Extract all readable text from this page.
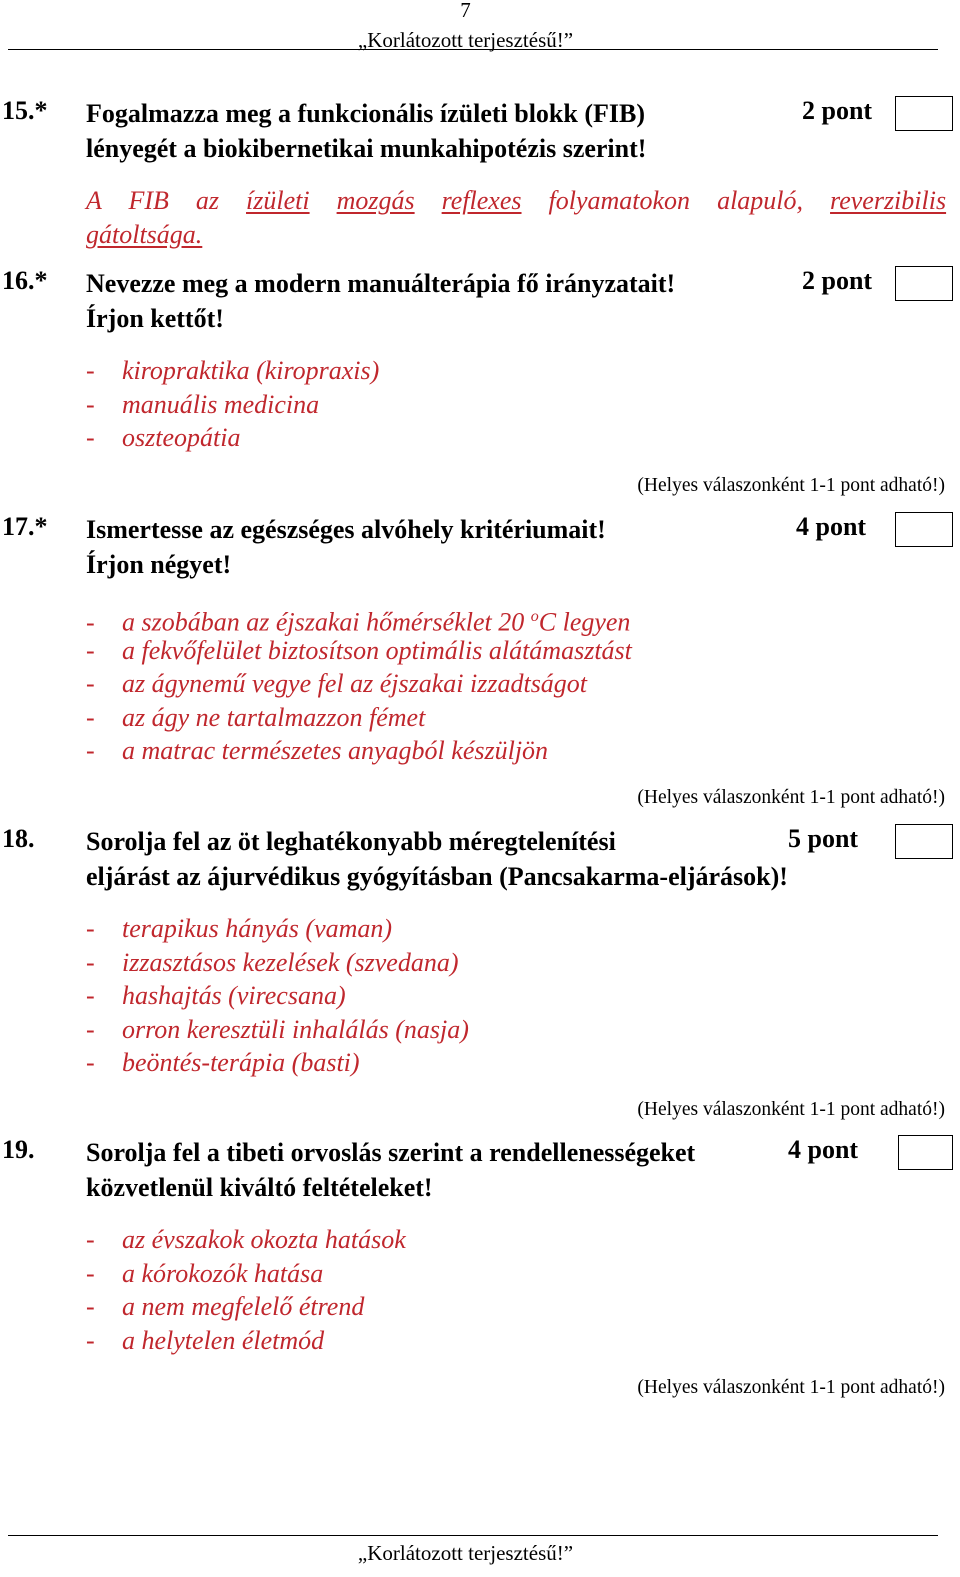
7
„Korlátozott terjesztésű!”
15.* Fogalmazza meg a funkcionális ízületi blokk (FIB)
lényegét a biokibernetikai munkahipotézis szerint!
2 pont
A FIB az ízületi mozgás reflexes folyamatokon alapuló, reverzibilis
gátoltsága.
16.* Nevezze meg a modern manuálterápia fő irányzatait!
Írjon kettőt!
2 pont
- kiropraktika (kiropraxis)
- manuális medicina
- oszteopátia
(Helyes válaszonként 1-1 pont adható!)
17.* Ismertesse az egészséges alvóhely kritériumait!
Írjon négyet!
4 pont
- a szobában az éjszakai hőmérséklet 20 $^o$C legyen
- a fekvőfelület biztosítson optimális alátámasztást
- az ágynemű vegye fel az éjszakai izzadtságot
- az ágy ne tartalmazzon fémet
- a matrac természetes anyagból készüljön
(Helyes válaszonként 1-1 pont adható!)
18. Sorolja fel az öt leghatékonyabb méregtelenítési
eljárást az ájurvédikus gyógyításban (Pancsakarma-eljárások)!
5 pont
- terapikus hányás (vaman)
- izzasztásos kezelések (szvedana)
- hashajtás (virecsana)
- orron keresztüli inhalálás (nasja)
- beöntés-terápia (basti)
(Helyes válaszonként 1-1 pont adható!)
19. Sorolja fel a tibeti orvoslás szerint a rendellenességeket
közvetlenül kiváltó feltételeket!
4 pont
- az évszakok okozta hatások
- a kórokozók hatása
- a nem megfelelő étrend
- a helytelen életmód
(Helyes válaszonként 1-1 pont adható!)
„Korlátozott terjesztésű!”
